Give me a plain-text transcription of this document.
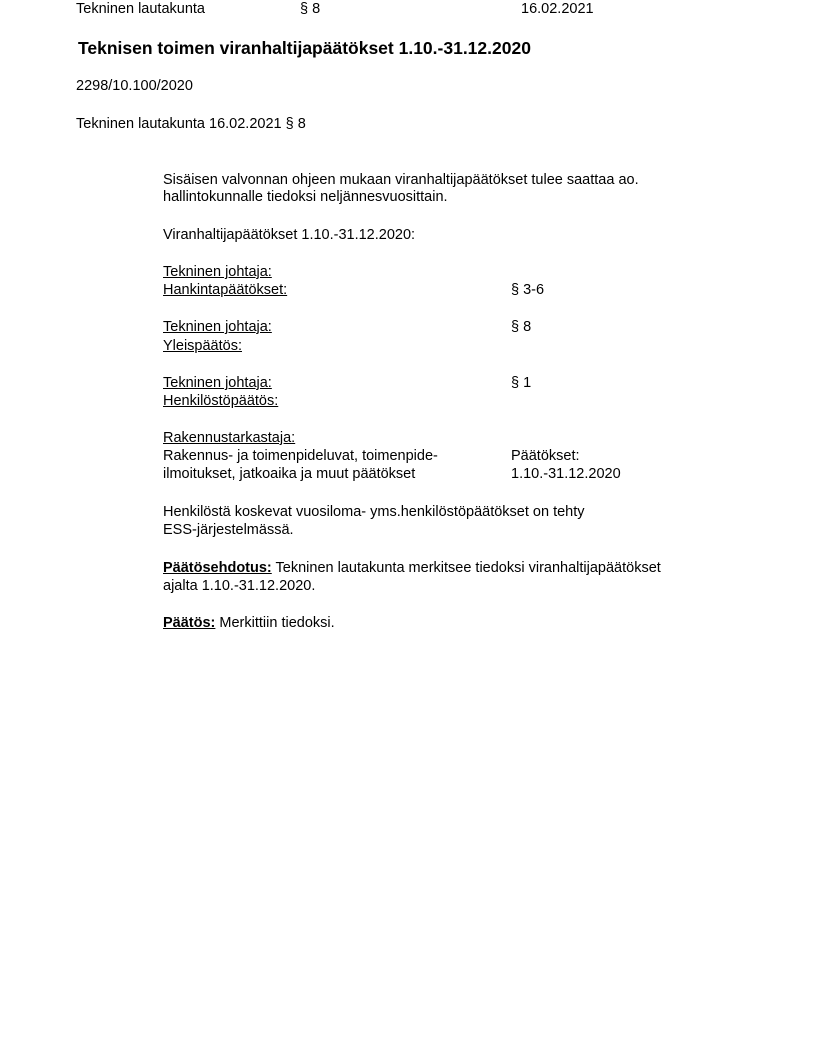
Tekninen lautakunta	§ 8	16.02.2021
Teknisen toimen viranhaltijapäätökset 1.10.-31.12.2020
2298/10.100/2020
Tekninen lautakunta 16.02.2021 § 8
Sisäisen valvonnan ohjeen mukaan viranhaltijapäätökset tulee saattaa ao.
hallintokunnalle tiedoksi neljännesvuosittain.
Viranhaltijapäätökset 1.10.-31.12.2020:
Tekninen johtaja:
Hankintapäätökset:	§ 3-6
Tekninen johtaja:	§ 8
Yleispäätös:
Tekninen johtaja:	§ 1
Henkilöstöpäätös:
Rakennustarkastaja:
Rakennus- ja toimenpideluvat, toimenpide-	Päätökset:
ilmoitukset, jatkoaika ja muut päätökset	1.10.-31.12.2020
Henkilöstä koskevat vuosiloma- yms.henkilöstöpäätökset on tehty
ESS-järjestelmässä.
Päätösehdotus: Tekninen lautakunta merkitsee tiedoksi viranhaltijapäätökset
ajalta 1.10.-31.12.2020.
Päätös: Merkittiin tiedoksi.
